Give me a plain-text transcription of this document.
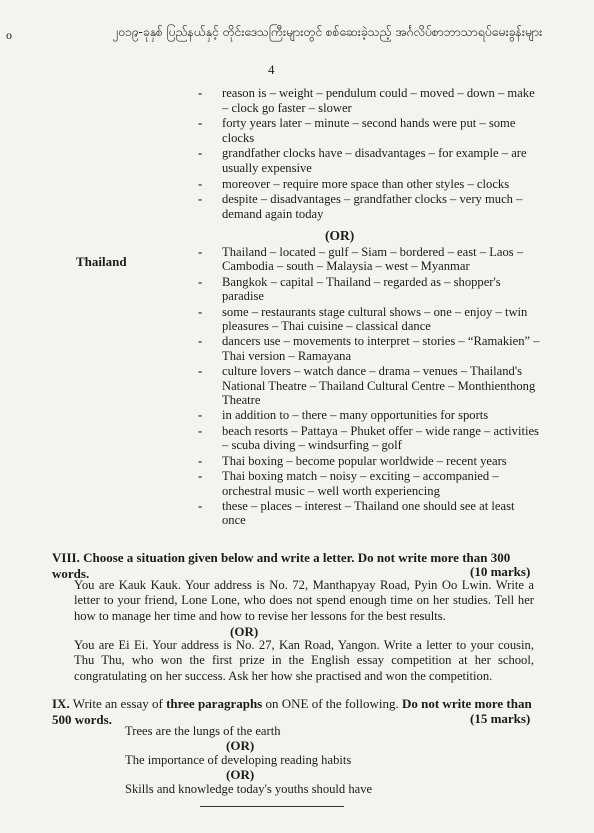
o	၂၀၁၉-ခုနှစ် ပြည်နယ်နှင့် တိုင်းဒေသကြီးများတွင် စစ်ဆေးခဲ့သည့် အင်္ဂလိပ်စာဘာသာရပ်မေးခွန်းများ
4
- reason is – weight – pendulum could – moved – down – make – clock go faster – slower
- forty years later – minute – second hands were put – some clocks
- grandfather clocks have – disadvantages – for example – are usually expensive
- moreover – require more space than other styles – clocks
- despite – disadvantages – grandfather clocks – very much – demand again today
(OR)
Thailand
- Thailand – located – gulf – Siam – bordered – east – Laos – Cambodia – south – Malaysia – west – Myanmar
- Bangkok – capital – Thailand – regarded as – shopper's paradise
- some – restaurants stage cultural shows – one – enjoy – twin pleasures – Thai cuisine – classical dance
- dancers use – movements to interpret – stories – “Ramakien” – Thai version – Ramayana
- culture lovers – watch dance – drama – venues – Thailand's National Theatre – Thailand Cultural Centre – Monthienthong Theatre
- in addition to – there – many opportunities for sports
- beach resorts – Pattaya – Phuket offer – wide range – activities – scuba diving – windsurfing – golf
- Thai boxing – become popular worldwide – recent years
- Thai boxing match – noisy – exciting – accompanied – orchestral music – well worth experiencing
- these – places – interest – Thailand one should see at least once
VIII. Choose a situation given below and write a letter. Do not write more than 300 words.	(10 marks)
You are Kauk Kauk. Your address is No. 72, Manthapyay Road, Pyin Oo Lwin. Write a letter to your friend, Lone Lone, who does not spend enough time on her studies. Tell her how to manage her time and how to revise her lessons for the best results.
(OR)
You are Ei Ei. Your address is No. 27, Kan Road, Yangon. Write a letter to your cousin, Thu Thu, who won the first prize in the English essay competition at her school, congratulating on her success. Ask her how she practised and won the competition.
IX. Write an essay of three paragraphs on ONE of the following. Do not write more than 500 words.	(15 marks)
Trees are the lungs of the earth
(OR)
The importance of developing reading habits
(OR)
Skills and knowledge today's youths should have
